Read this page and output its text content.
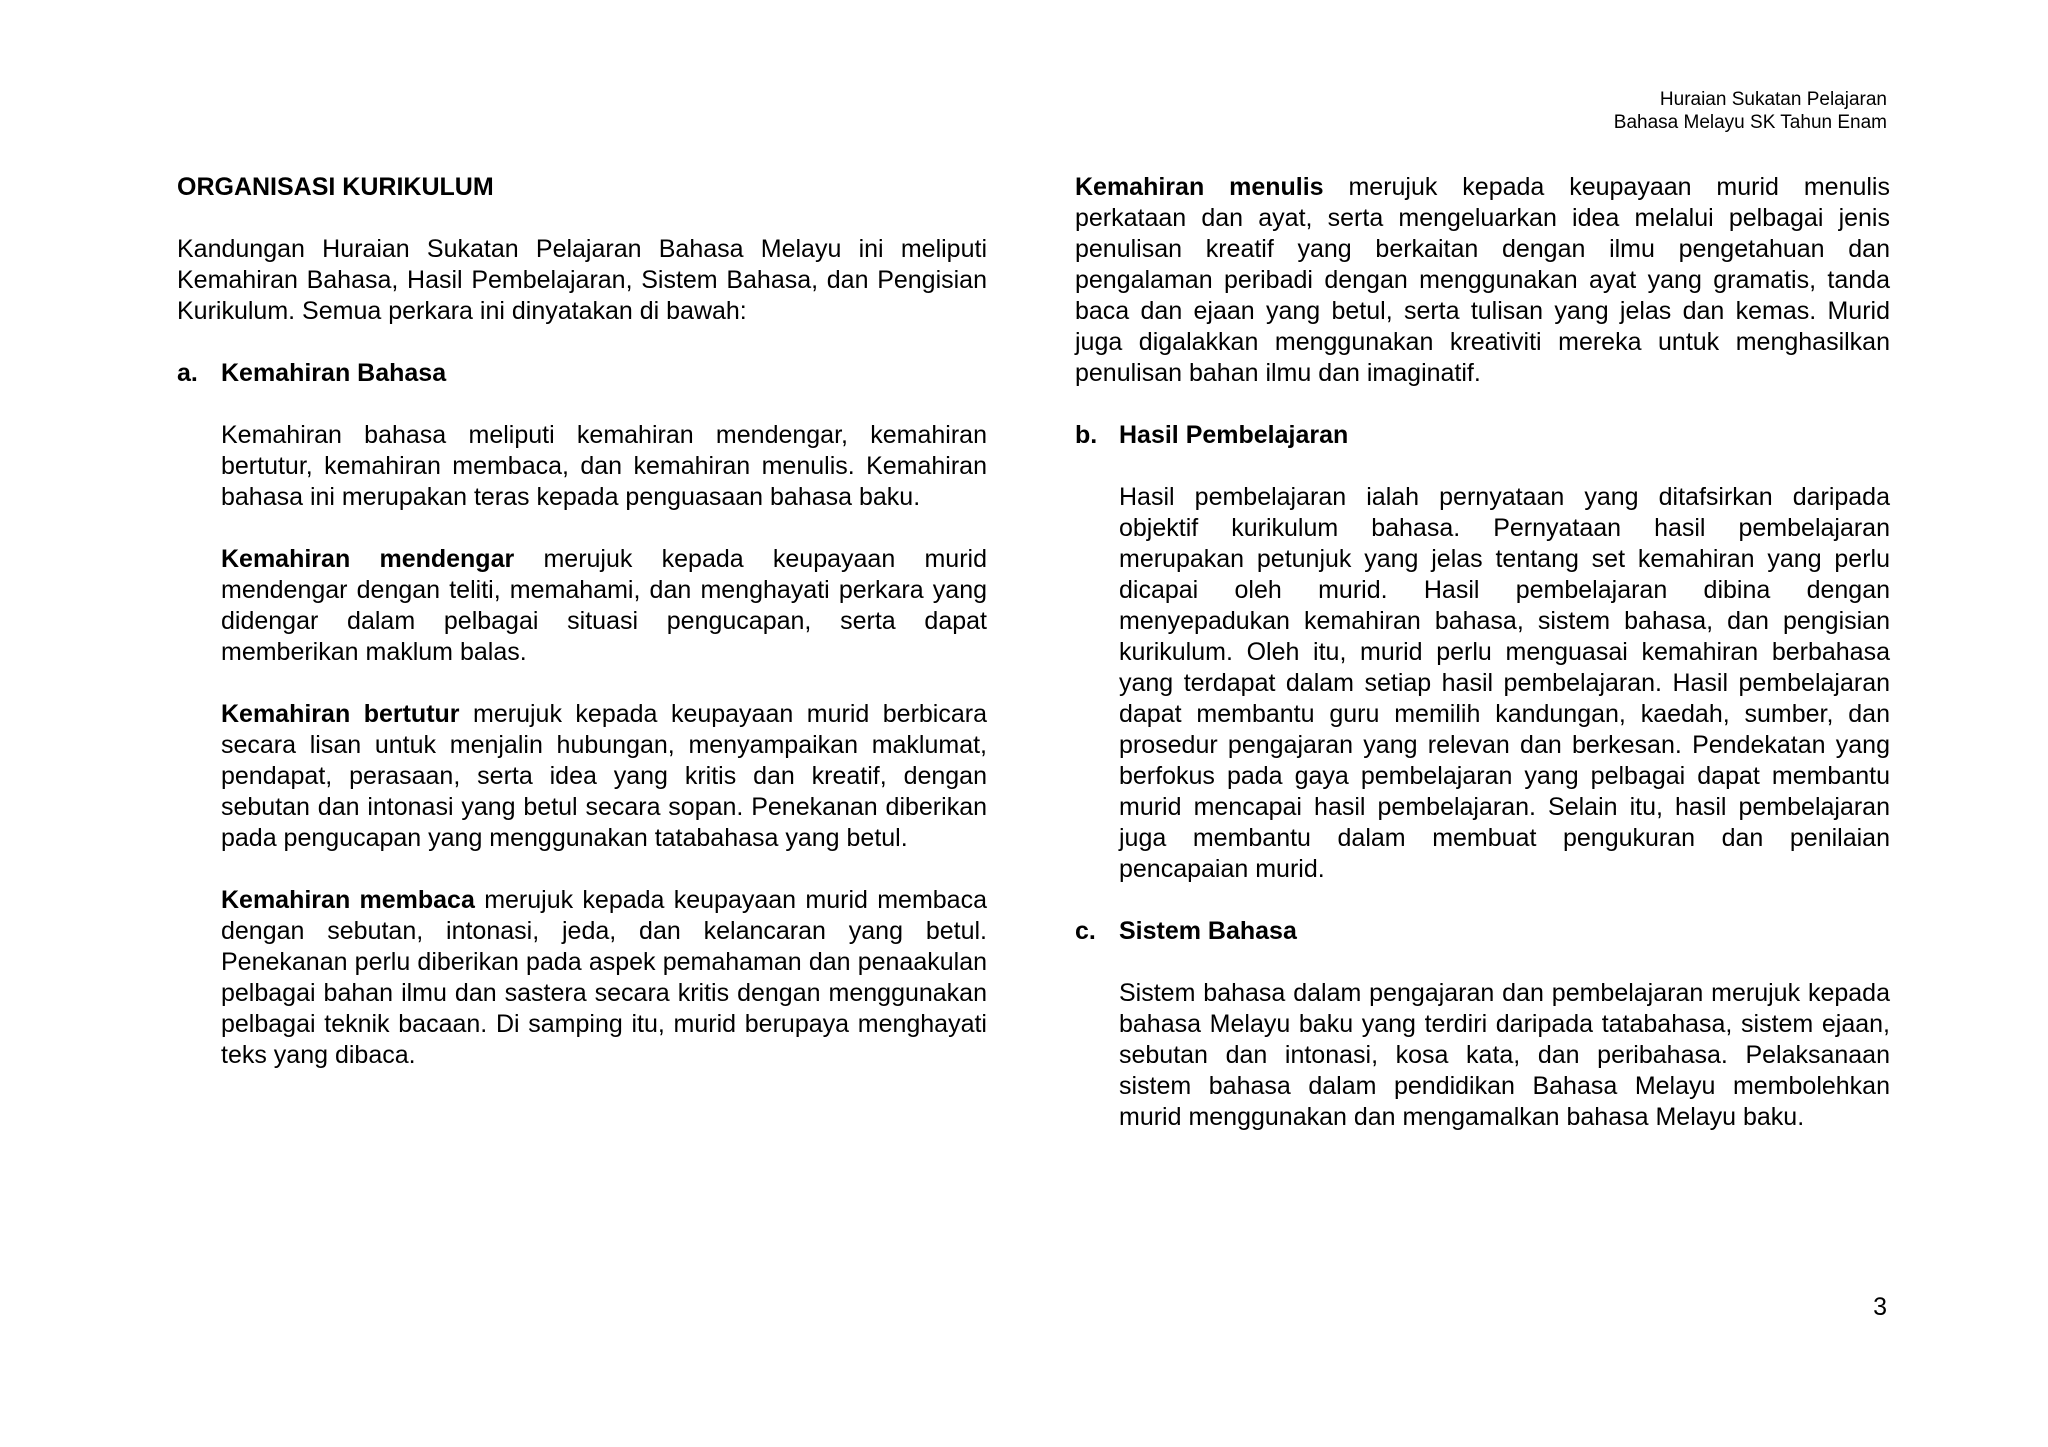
Huraian Sukatan Pelajaran
Bahasa Melayu SK Tahun Enam
ORGANISASI KURIKULUM
Kandungan Huraian Sukatan Pelajaran Bahasa Melayu ini meliputi Kemahiran Bahasa, Hasil Pembelajaran, Sistem Bahasa, dan Pengisian Kurikulum. Semua perkara ini dinyatakan di bawah:
a. Kemahiran Bahasa
Kemahiran bahasa meliputi kemahiran mendengar, kemahiran bertutur, kemahiran membaca, dan kemahiran menulis. Kemahiran bahasa ini merupakan teras kepada penguasaan bahasa baku.
Kemahiran mendengar merujuk kepada keupayaan murid mendengar dengan teliti, memahami, dan menghayati perkara yang didengar dalam pelbagai situasi pengucapan, serta dapat memberikan maklum balas.
Kemahiran bertutur merujuk kepada keupayaan murid berbicara secara lisan untuk menjalin hubungan, menyampaikan maklumat, pendapat, perasaan, serta idea yang kritis dan kreatif, dengan sebutan dan intonasi yang betul secara sopan. Penekanan diberikan pada pengucapan yang menggunakan tatabahasa yang betul.
Kemahiran membaca merujuk kepada keupayaan murid membaca dengan sebutan, intonasi, jeda, dan kelancaran yang betul. Penekanan perlu diberikan pada aspek pemahaman dan penaakulan pelbagai bahan ilmu dan sastera secara kritis dengan menggunakan pelbagai teknik bacaan. Di samping itu, murid berupaya menghayati teks yang dibaca.
Kemahiran menulis merujuk kepada keupayaan murid menulis perkataan dan ayat, serta mengeluarkan idea melalui pelbagai jenis penulisan kreatif yang berkaitan dengan ilmu pengetahuan dan pengalaman peribadi dengan menggunakan ayat yang gramatis, tanda baca dan ejaan yang betul, serta tulisan yang jelas dan kemas. Murid juga digalakkan menggunakan kreativiti mereka untuk menghasilkan penulisan bahan ilmu dan imaginatif.
b. Hasil Pembelajaran
Hasil pembelajaran ialah pernyataan yang ditafsirkan daripada objektif kurikulum bahasa. Pernyataan hasil pembelajaran merupakan petunjuk yang jelas tentang set kemahiran yang perlu dicapai oleh murid. Hasil pembelajaran dibina dengan menyepadukan kemahiran bahasa, sistem bahasa, dan pengisian kurikulum. Oleh itu, murid perlu menguasai kemahiran berbahasa yang terdapat dalam setiap hasil pembelajaran. Hasil pembelajaran dapat membantu guru memilih kandungan, kaedah, sumber, dan prosedur pengajaran yang relevan dan berkesan. Pendekatan yang berfokus pada gaya pembelajaran yang pelbagai dapat membantu murid mencapai hasil pembelajaran. Selain itu, hasil pembelajaran juga membantu dalam membuat pengukuran dan penilaian pencapaian murid.
c. Sistem Bahasa
Sistem bahasa dalam pengajaran dan pembelajaran merujuk kepada bahasa Melayu baku yang terdiri daripada tatabahasa, sistem ejaan, sebutan dan intonasi, kosa kata, dan peribahasa. Pelaksanaan sistem bahasa dalam pendidikan Bahasa Melayu membolehkan murid menggunakan dan mengamalkan bahasa Melayu baku.
3
